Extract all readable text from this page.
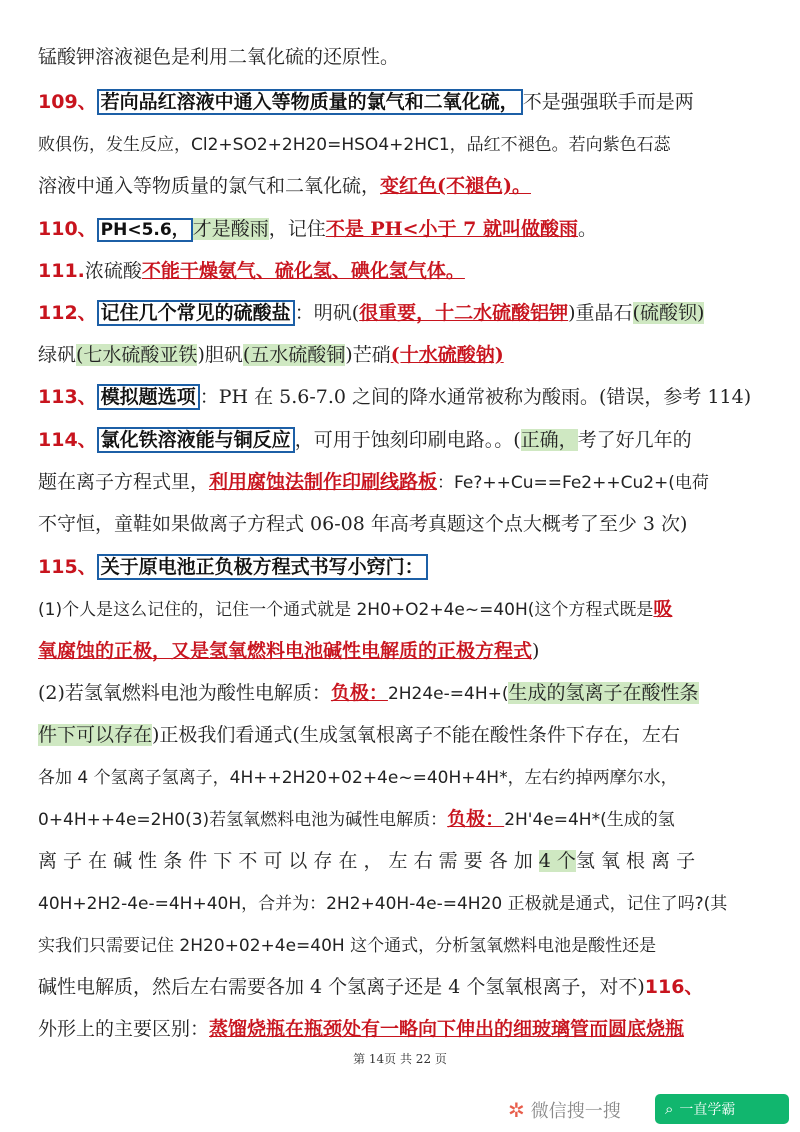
锰酸钾溶液褪色是利用二氧化硫的还原性。
109、 若向品红溶液中通入等物质量的氯气和二氧化硫， 不是强强联手而是两
败俱伤，发生反应，Cl2+SO2+2H20=HSO4+2HC1，品红不褪色。若向紫色石蕊
溶液中通入等物质量的氯气和二氧化硫，变红色(不褪色)。
110、 PH<5.6， 才是酸雨，记住不是 PH<小于 7 就叫做酸雨。
111.浓硫酸不能干燥氨气、硫化氢、碘化氢气体。
112、 记住几个常见的硫酸盐 ：明矾(很重要，十二水硫酸铝钾)重晶石(硫酸钡)
绿矾(七水硫酸亚铁)胆矾(五水硫酸铜)芒硝(十水硫酸钠)
113、 模拟题选项 ：PH 在 5.6-7.0 之间的降水通常被称为酸雨。(错误，参考 114)
114、 氯化铁溶液能与铜反应 ，可用于蚀刻印刷电路。。(正确，考了好几年的
题在离子方程式里，利用腐蚀法制作印刷线路板：Fe?++Cu==Fe2++Cu2+(电荷
不守恒，童鞋如果做离子方程式 06-08 年高考真题这个点大概考了至少 3 次)
115、 关于原电池正负极方程式书写小窍门：
(1)个人是这么记住的，记住一个通式就是 2H0+O2+4e~=40H(这个方程式既是吸
氧腐蚀的正极，又是氢氧燃料电池碱性电解质的正极方程式)
(2)若氢氧燃料电池为酸性电解质：负极：2H24e-=4H+(生成的氢离子在酸性条
件下可以存在)正极我们看通式(生成氢氧根离子不能在酸性条件下存在，左右
各加 4 个氢离子氢离子，4H++2H20+02+4e~=40H+4H*，左右约掉两摩尔水，
0+4H++4e=2H0(3)若氢氧燃料电池为碱性电解质：负极：2H'4e=4H*(生成的氢
离 子 在 碱 性 条 件 下 不 可 以 存 在 ， 左 右 需 要 各 加 4 个氢 氧 根 离 子
40H+2H2-4e-=4H+40H，合并为：2H2+40H-4e-=4H20 正极就是通式，记住了吗?(其
实我们只需要记住 2H20+02+4e=40H 这个通式，分析氢氧燃料电池是酸性还是
碱性电解质，然后左右需要各加 4 个氢离子还是 4 个氢氧根离子，对不)116、
外形上的主要区别：蒸馏烧瓶在瓶颈处有一略向下伸出的细玻璃管而圆底烧瓶
第 14页 共 22 页
✲ 微信搜一搜	⌕ 一直学霸
